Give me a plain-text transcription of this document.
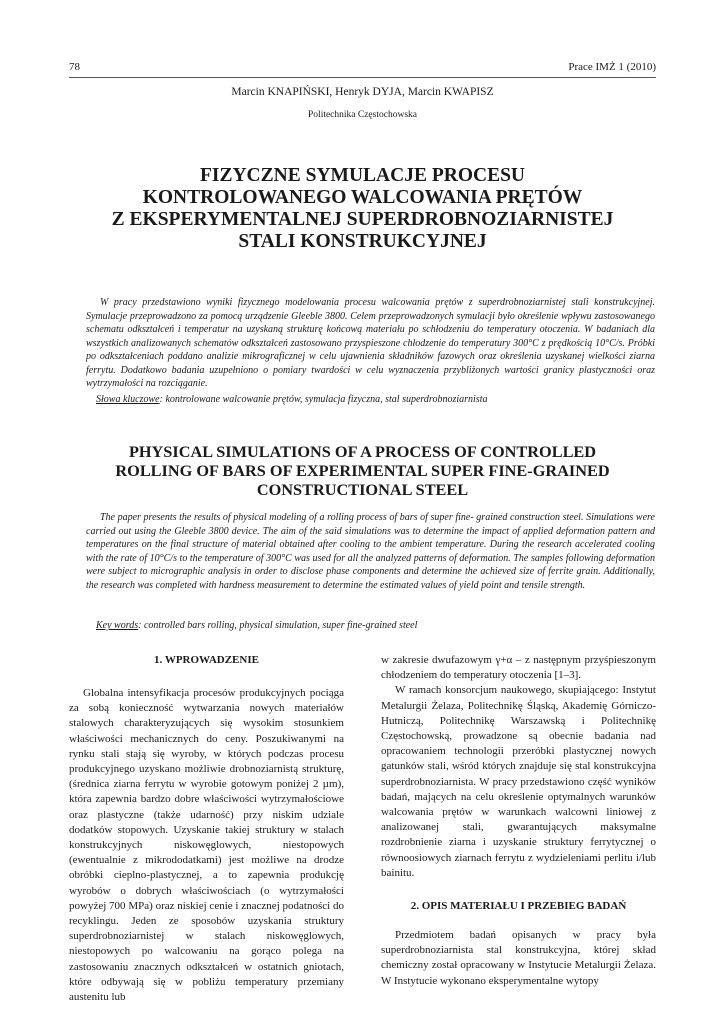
78	Prace IMŻ 1 (2010)
Marcin KNAPIŃSKI, Henryk DYJA, Marcin KWAPISZ
Politechnika Częstochowska
FIZYCZNE SYMULACJE PROCESU
KONTROLOWANEGO WALCOWANIA PRĘTÓW
Z EKSPERYMENTALNEJ SUPERDROBNOZIARNISTEJ
STALI KONSTRUKCYJNEJ

W pracy przedstawiono wyniki fizycznego modelowania procesu walcowania prętów z superdrobnoziarnistej stali konstrukcyjnej. Symulacje przeprowadzono za pomocą urządzenie Gleeble 3800. Celem przeprowadzonych symulacji było określenie wpływu zastosowanego schematu odkształceń i temperatur na uzyskaną strukturę końcową materiału po schłodzeniu do temperatury otoczenia. W badaniach dla wszystkich analizowanych schematów odkształceń zastosowano przyspieszone chłodzenie do temperatury 300°C z prędkością 10°C/s. Próbki po odkształceniach poddano analizie mikrograficznej w celu ujawnienia składników fazowych oraz określenia uzyskanej wielkości ziarna ferrytu. Dodatkowo badania uzupełniono o pomiary twardości w celu wyznaczenia przybliżonych wartości granicy plastyczności oraz wytrzymałości na rozciąganie.

Słowa kluczowe: kontrolowane walcowanie prętów, symulacja fizyczna, stal superdrobnoziarnista

PHYSICAL SIMULATIONS OF A PROCESS OF CONTROLLED
ROLLING OF BARS OF EXPERIMENTAL SUPER FINE-GRAINED
CONSTRUCTIONAL STEEL

The paper presents the results of physical modeling of a rolling process of bars of super fine- grained construction steel. Simulations were carried out using the Gleeble 3800 device. The aim of the said simulations was to determine the impact of applied deformation pattern and temperatures on the final structure of material obtained after cooling to the ambient temperature. During the research accelerated cooling with the rate of 10°C/s to the temperature of 300°C was used for all the analyzed patterns of deformation. The samples following deformation were subject to micrographic analysis in order to disclose phase components and determine the achieved size of ferrite grain. Additionally, the research was completed with hardness measurement to determine the estimated values of yield point and tensile strength.

Key words: controlled bars rolling, physical simulation, super fine-grained steel

1. WPROWADZENIE

Globalna intensyfikacja procesów produkcyjnych pociąga za sobą konieczność wytwarzania nowych materiałów stalowych charakteryzujących się wysokim stosunkiem właściwości mechanicznych do ceny. Poszukiwanymi na rynku stali stają się wyroby, w których podczas procesu produkcyjnego uzyskano możliwie drobnoziarnistą strukturę, (średnica ziarna ferrytu w wyrobie gotowym poniżej 2 µm), która zapewnia bardzo dobre właściwości wytrzymałościowe oraz plastyczne (także udarność) przy niskim udziale dodatków stopowych. Uzyskanie takiej struktury w stalach konstrukcyjnych niskowęglowych, niestopowych (ewentualnie z mikrododatkami) jest możliwe na drodze obróbki cieplno-plastycznej, a to zapewnia produkcję wyrobów o dobrych właściwościach (o wytrzymałości powyżej 700 MPa) oraz niskiej cenie i znacznej podatności do recyklingu. Jeden ze sposobów uzyskania struktury superdrobnoziarnistej w stalach niskowęglowych, niestopowych po walcowaniu na gorąco polega na zastosowaniu znacznych odkształceń w ostatnich gniotach, które odbywają się w pobliżu temperatury przemiany austenitu lub

w zakresie dwufazowym γ+α – z następnym przyśpieszonym chłodzeniem do temperatury otoczenia [1–3].

W ramach konsorcjum naukowego, skupiającego: Instytut Metalurgii Żelaza, Politechnikę Śląską, Akademię Górniczo-Hutniczą, Politechnikę Warszawską i Politechnikę Częstochowską, prowadzone są obecnie badania nad opracowaniem technologii przeróbki plastycznej nowych gatunków stali, wśród których znajduje się stal konstrukcyjna superdrobnoziarnista. W pracy przedstawiono część wyników badań, mających na celu określenie optymalnych warunków walcowania prętów w warunkach walcowni liniowej z analizowanej stali, gwarantujących maksymalne rozdrobnienie ziarna i uzyskanie struktury ferrytycznej o równoosiowych ziarnach ferrytu z wydzieleniami perlitu i/lub bainitu.

2. OPIS MATERIAŁU I PRZEBIEG BADAŃ

Przedmiotem badań opisanych w pracy była superdrobnoziarnista stal konstrukcyjna, której skład chemiczny został opracowany w Instytucie Metalurgii Żelaza. W Instytucie wykonano eksperymentalne wytopy
